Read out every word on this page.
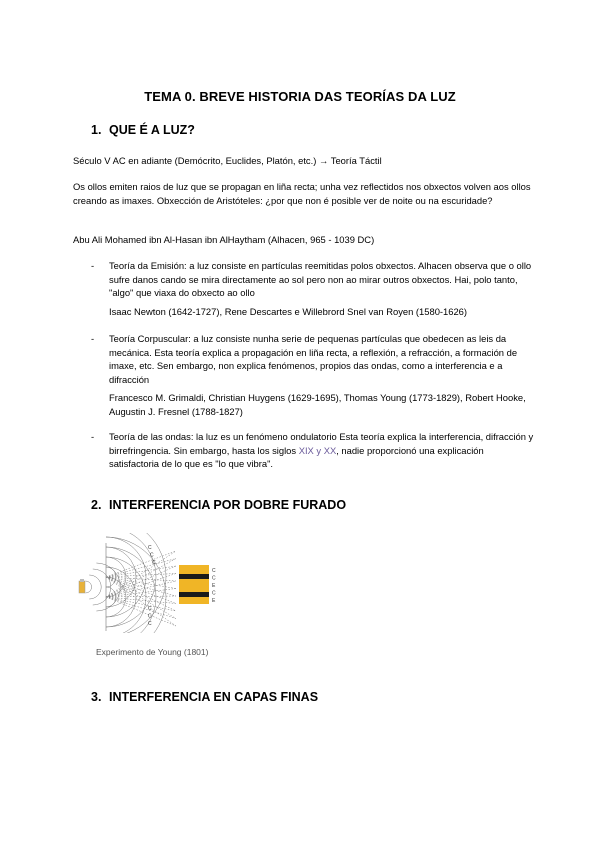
TEMA 0. BREVE HISTORIA DAS TEORÍAS DA LUZ
1. QUE É A LUZ?
Século V AC en adiante (Demócrito, Euclides, Platón, etc.) → Teoría Táctil
Os ollos emiten raios de luz que se propagan en liña recta; unha vez reflectidos nos obxectos volven aos ollos creando as imaxes. Obxección de Aristóteles: ¿por que non é posible ver de noite ou na escuridade?
Abu Ali Mohamed ibn Al-Hasan ibn AlHaytham (Alhacen, 965 - 1039 DC)
- Teoría da Emisión: a luz consiste en partículas reemitidas polos obxectos. Alhacen observa que o ollo sufre danos cando se mira directamente ao sol pero non ao mirar outros obxectos. Hai, polo tanto, "algo" que viaxa do obxecto ao ollo
Isaac Newton (1642-1727), Rene Descartes e Willebrord Snel van Royen (1580-1626)
- Teoría Corpuscular: a luz consiste nunha serie de pequenas partículas que obedecen as leis da mecánica. Esta teoría explica a propagación en liña recta, a reflexión, a refracción, a formación de imaxe, etc. Sen embargo, non explica fenómenos, propios das ondas, como a interferencia e a difracción
Francesco M. Grimaldi, Christian Huygens (1629-1695), Thomas Young (1773-1829), Robert Hooke, Augustin J. Fresnel (1788-1827)
- Teoría de las ondas: la luz es un fenómeno ondulatorio Esta teoría explica la interferencia, difracción y birrefringencia. Sin embargo, hasta los siglos XIX y XX, nadie proporcionó una explicación satisfactoria de lo que es "lo que vibra".
2. INTERFERENCIA POR DOBRE FURADO
C
C
C
C
C
E
C
E
C
C
C
Experimento de Young (1801)
3. INTERFERENCIA EN CAPAS FINAS
